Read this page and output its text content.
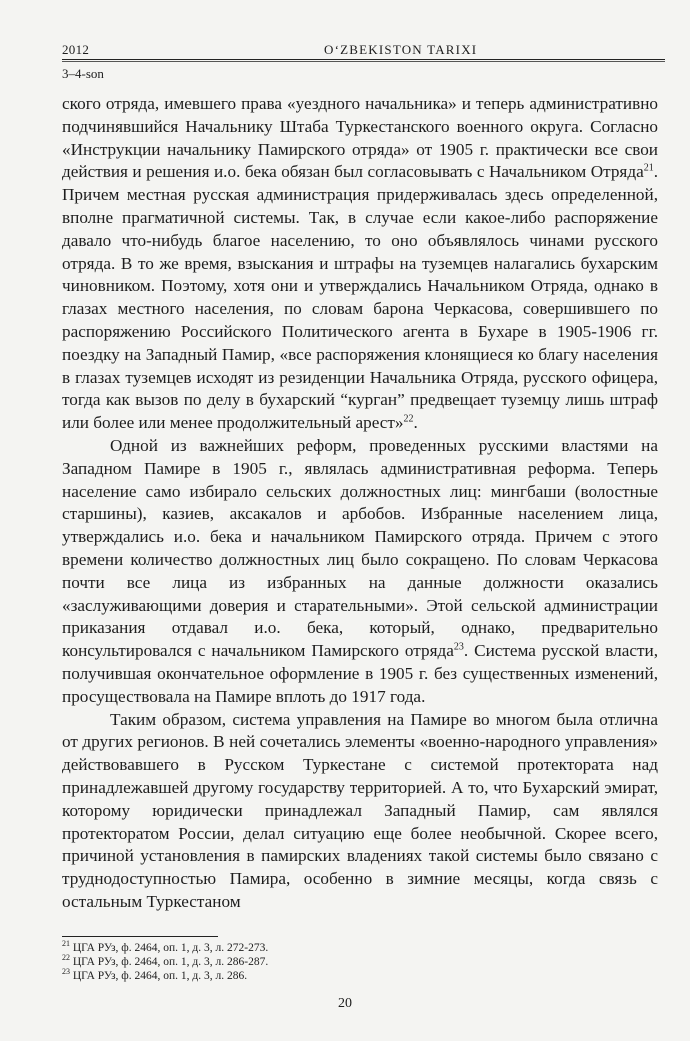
2012	O‘ZBEKISTON TARIXI
3–4-son

ского отряда, имевшего права «уездного начальника» и теперь административно подчинявшийся Начальнику Штаба Туркестанского военного округа. Согласно «Инструкции начальнику Памирского отряда» от 1905 г. практически все свои действия и решения и.о. бека обязан был согласовывать с Начальником Отряда$^{21}$. Причем местная русская администрация придерживалась здесь определенной, вполне прагматичной системы. Так, в случае если какое-либо распоряжение давало что-нибудь благое населению, то оно объявлялось чинами русского отряда. В то же время, взыскания и штрафы на туземцев налагались бухарским чиновником. Поэтому, хотя они и утверждались Начальником Отряда, однако в глазах местного населения, по словам барона Черкасова, совершившего по распоряжению Российского Политического агента в Бухаре в 1905-1906 гг. поездку на Западный Памир, «все распоряжения клонящиеся ко благу населения в глазах туземцев исходят из резиденции Начальника Отряда, русского офицера, тогда как вызов по делу в бухарский “курган” предвещает туземцу лишь штраф или более или менее продолжительный арест»$^{22}$.

Одной из важнейших реформ, проведенных русскими властями на Западном Памире в 1905 г., являлась административная реформа. Теперь население само избирало сельских должностных лиц: мингбаши (волостные старшины), казиев, аксакалов и арбобов. Избранные населением лица, утверждались и.о. бека и начальником Памирского отряда. Причем с этого времени количество должностных лиц было сокращено. По словам Черкасова почти все лица из избранных на данные должности оказались «заслуживающими доверия и старательными». Этой сельской администрации приказания отдавал и.о. бека, который, однако, предварительно консультировался с начальником Памирского отряда$^{23}$. Система русской власти, получившая окончательное оформление в 1905 г. без существенных изменений, просуществовала на Памире вплоть до 1917 года.

Таким образом, система управления на Памире во многом была отлична от других регионов. В ней сочетались элементы «военно-народного управления» действовавшего в Русском Туркестане с системой протектората над принадлежавшей другому государству территорией. А то, что Бухарский эмират, которому юридически принадлежал Западный Памир, сам являлся протекторатом России, делал ситуацию еще более необычной. Скорее всего, причиной установления в памирских владениях такой системы было связано с труднодоступностью Памира, особенно в зимние месяцы, когда связь с остальным Туркестаном

$^{21}$ ЦГА РУз, ф. 2464, оп. 1, д. 3, л. 272-273.
$^{22}$ ЦГА РУз, ф. 2464, оп. 1, д. 3, л. 286-287.
$^{23}$ ЦГА РУз, ф. 2464, оп. 1, д. 3, л. 286.
20
